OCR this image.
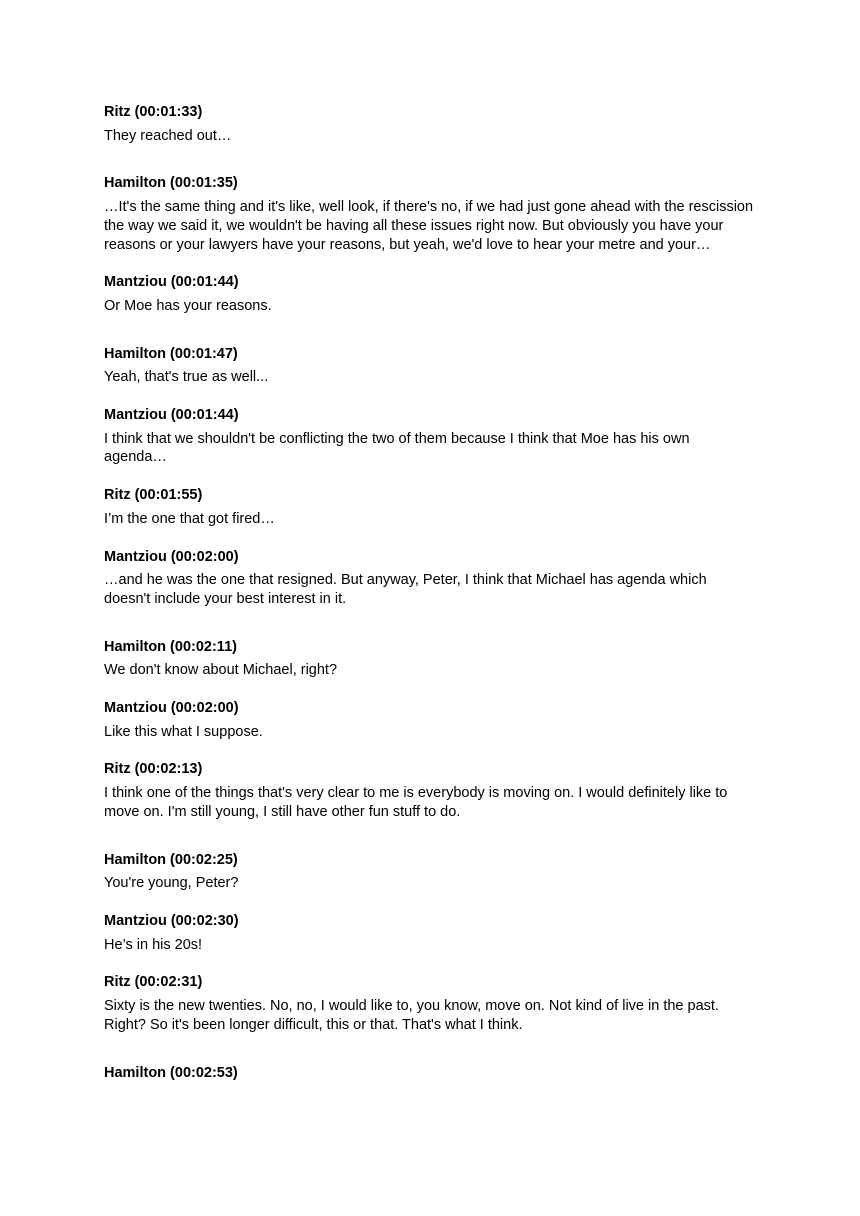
Ritz (00:01:33)

They reached out…

Hamilton (00:01:35)

…It's the same thing and it's like, well look, if there's no, if we had just gone ahead with the rescission the way we said it, we wouldn't be having all these issues right now. But obviously you have your reasons or your lawyers have your reasons, but yeah, we'd love to hear your metre and your…

Mantziou (00:01:44)

Or Moe has your reasons.

Hamilton (00:01:47)

Yeah, that's true as well...

Mantziou (00:01:44)

I think that we shouldn't be conflicting the two of them because I think that Moe has his own agenda…

Ritz (00:01:55)

I’m the one that got fired…

Mantziou (00:02:00)

…and he was the one that resigned. But anyway, Peter, I think that Michael has agenda which doesn't include your best interest in it.

Hamilton (00:02:11)

We don't know about Michael, right?

Mantziou (00:02:00)

Like this what I suppose.

Ritz (00:02:13)

I think one of the things that's very clear to me is everybody is moving on. I would definitely like to move on. I'm still young, I still have other fun stuff to do.

Hamilton (00:02:25)

You're young, Peter?

Mantziou (00:02:30)

He’s in his 20s!

Ritz (00:02:31)

Sixty is the new twenties. No, no, I would like to, you know, move on. Not kind of live in the past. Right? So it's been longer difficult, this or that. That's what I think.

Hamilton (00:02:53)
